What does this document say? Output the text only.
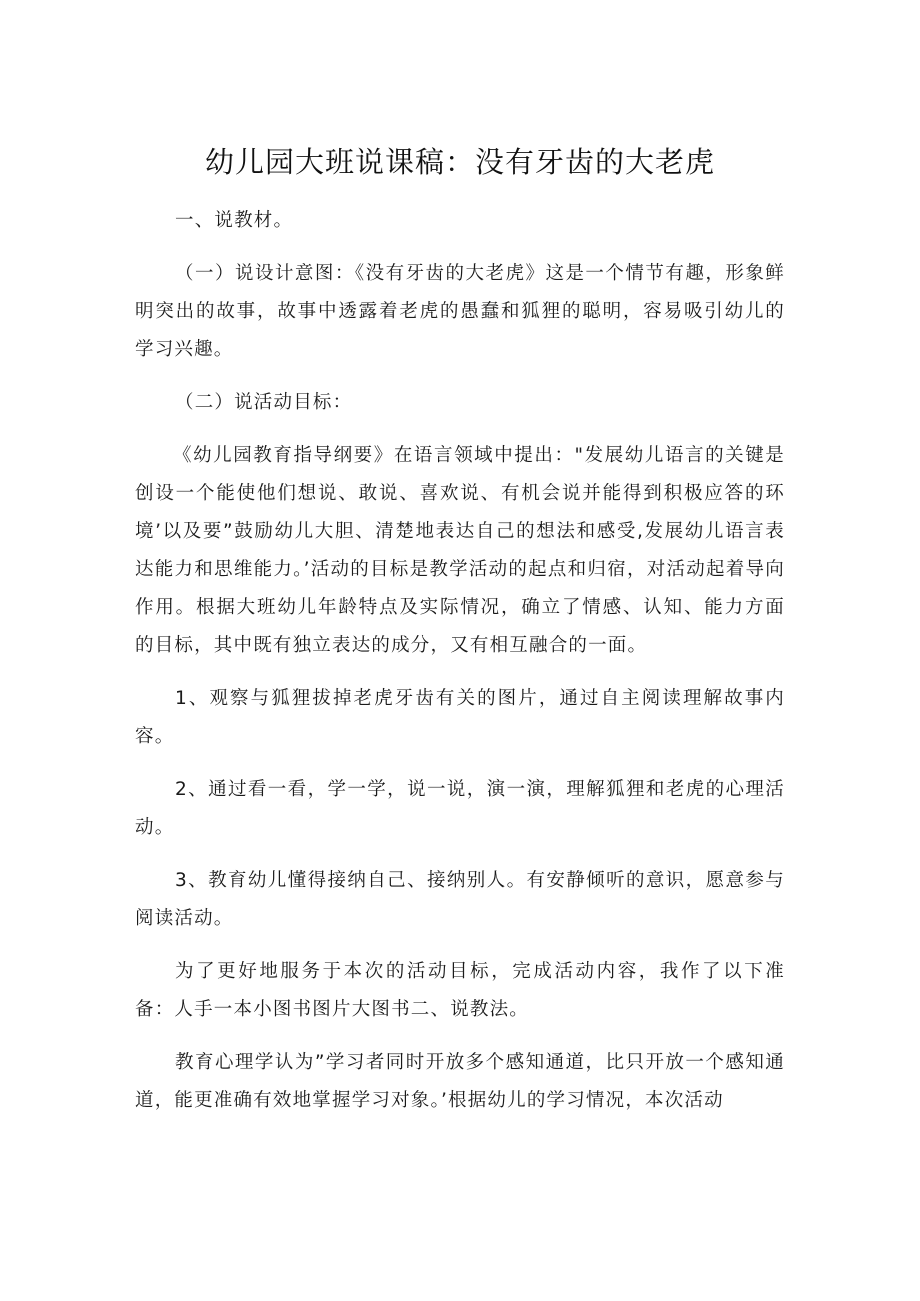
幼儿园大班说课稿：没有牙齿的大老虎

一、说教材。

（一）说设计意图：《没有牙齿的大老虎》这是一个情节有趣，形象鲜明突出的故事，故事中透露着老虎的愚蠢和狐狸的聪明，容易吸引幼儿的学习兴趣。

（二）说活动目标：

《幼儿园教育指导纲要》在语言领域中提出："发展幼儿语言的关键是创设一个能使他们想说、敢说、喜欢说、有机会说并能得到积极应答的环境’以及要”鼓励幼儿大胆、清楚地表达自己的想法和感受,发展幼儿语言表达能力和思维能力。’活动的目标是教学活动的起点和归宿，对活动起着导向作用。根据大班幼儿年龄特点及实际情况，确立了情感、认知、能力方面的目标，其中既有独立表达的成分，又有相互融合的一面。

1、观察与狐狸拔掉老虎牙齿有关的图片，通过自主阅读理解故事内容。

2、通过看一看，学一学，说一说，演一演，理解狐狸和老虎的心理活动。

3、教育幼儿懂得接纳自己、接纳别人。有安静倾听的意识，愿意参与阅读活动。

为了更好地服务于本次的活动目标，完成活动内容，我作了以下准备：人手一本小图书图片大图书二、说教法。

教育心理学认为”学习者同时开放多个感知通道，比只开放一个感知通道，能更准确有效地掌握学习对象。’根据幼儿的学习情况，本次活动
